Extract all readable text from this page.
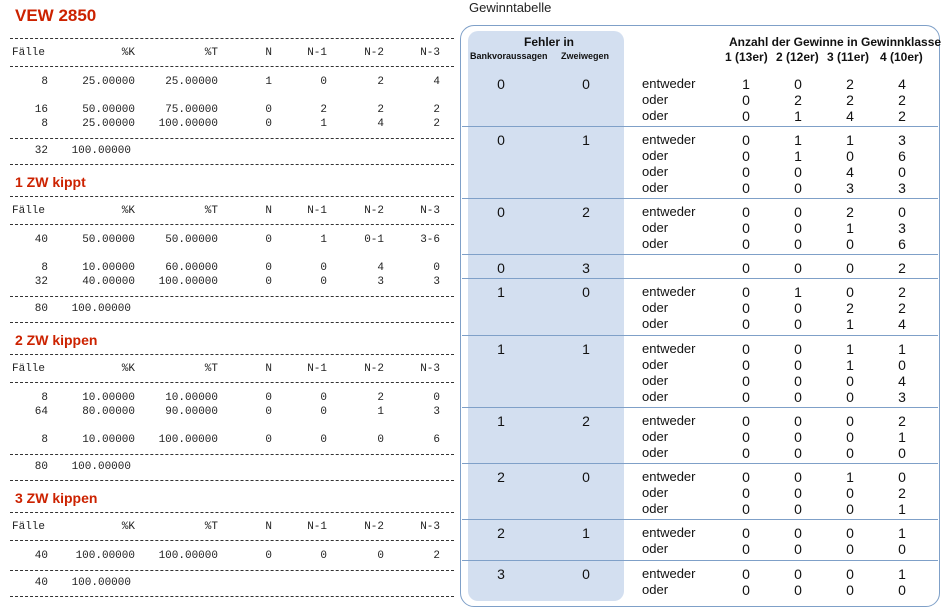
VEW 2850
Fälle	%K	%T	N	N-1	N-2	N-3
8	25.00000	25.00000	1	0	2	4
16	50.00000	75.00000	0	2	2	2
8	25.00000 100.00000	0	1	4	2
32 100.00000
1 ZW kippt
Fälle	%K	%T	N	N-1	N-2	N-3
40	50.00000	50.00000	0	1	0-1	3-6
8	10.00000	60.00000	0	0	4	0
32	40.00000 100.00000	0	0	3	3
80 100.00000
2 ZW kippen
Fälle	%K	%T	N	N-1	N-2	N-3
8	10.00000	10.00000	0	0	2	0
64	80.00000	90.00000	0	0	1	3
8	10.00000 100.00000	0	0	0	6
80 100.00000
3 ZW kippen
Fälle	%K	%T	N	N-1	N-2	N-3
40	100.00000 100.00000	0	0	0	2
40 100.00000
Gewinntabelle
Fehler in
Bankvoraussagen Zweiwegen
Anzahl der Gewinne in Gewinnklasse
1 (13er) 2 (12er) 3 (11er) 4 (10er)
0	0	entweder	1	0	2	4
oder	0	2	2	2
oder	0	1	4	2
0	1	entweder	0	1	1	3
oder	0	1	0	6
oder	0	0	4	0
oder	0	0	3	3
0	2	entweder	0	0	2	0
oder	0	0	1	3
oder	0	0	0	6
0	3	0	0	0	2
1	0	entweder	0	1	0	2
oder	0	0	2	2
oder	0	0	1	4
1	1	entweder	0	0	1	1
oder	0	0	1	0
oder	0	0	0	4
oder	0	0	0	3
1	2	entweder	0	0	0	2
oder	0	0	0	1
oder	0	0	0	0
2	0	entweder	0	0	1	0
oder	0	0	0	2
oder	0	0	0	1
2	1	entweder	0	0	0	1
oder	0	0	0	0
3	0	entweder	0	0	0	1
oder	0	0	0	0
